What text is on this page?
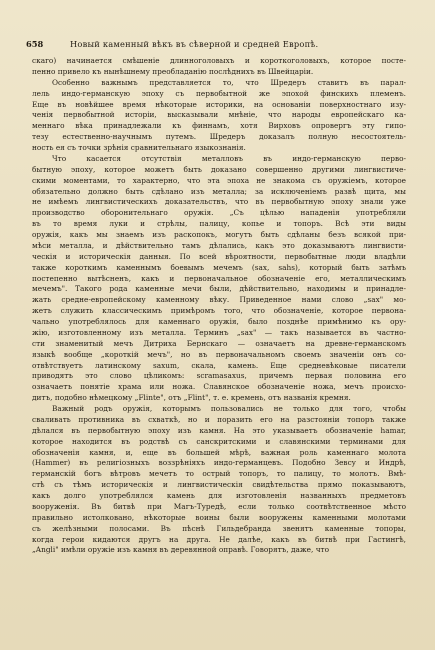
658	Новый каменный вѣкъ въ сѣверной и средней Европѣ.
скаго) начинается смѣшеніе длинноголовыхъ и короткоголовыхъ, которое посте-
пенно привело къ нынѣшнему преобладанію послѣднихъ въ Швейцаріи.
Особенно важнымъ представляется то, что Шредеръ ставитъ въ парал-
лель индо-германскую эпоху съ первобытной же эпохой финскихъ племенъ.
Еще въ новѣйшее время нѣкоторые историки, на основаніи поверхностнаго изу-
ченія первобытной исторіи, высказывали мнѣніе, что народы европейскаго ка-
меннаго вѣка принадлежали къ финнамъ, хотя Вирховъ опровергъ эту гипо-
тезу естественно-научнымъ путемъ. Шредеръ доказалъ полную несостоятель-
ность ея съ точки зрѣнія сравнительнаго языкознанія.
Что касается отсутствія металловъ въ индо-германскую перво-
бытную эпоху, которое можетъ быть доказано совершенно другими лингвистиче-
скими моментами, то характерно, что эта эпоха не знакома съ оружіемъ, которое
обязательно должно быть сдѣлано изъ металла; за исключеніемъ развѣ щита, мы
не имѣемъ лингвистическихъ доказательствъ, что въ первобытную эпоху знали уже
производство оборонительнаго оружія. „Съ цѣлью нападенія употребляли
въ то время луки и стрѣлы, палицу, копье и топоръ. Всѣ эти виды
оружія, какъ мы знаемъ изъ раскопокъ, могутъ быть сдѣланы безъ всякой при-
мѣси металла, и дѣйствительно тамъ дѣлались, какъ это доказываютъ лингвисти-
ческія и историческія данныя. По всей вѣроятности, первобытные люди владѣли
также короткимъ каменнымъ боевымъ мечемъ (sax, sahs), который быть затѣмъ
постепенно вытѣсненъ, какъ и первоначальное обозначеніе его, металлическимъ
мечемъ". Такого рода каменные мечи были, дѣйствительно, находимы и принадле-
жать средне-европейскому каменному вѣку. Приведенное нами слово „sax" мо-
жетъ служить классическимъ примѣромъ того, что обозначеніе, которое первона-
чально употреблялось для каменнаго оружія, было позднѣе примѣнимо къ ору-
жію, изготовленному изъ металла. Терминъ „sax" — такъ называется въ частно-
сти знаменитый мечъ Дитриха Бернскаго — означаетъ на древне-германскомъ
языкѣ вообще „короткій мечъ", но въ первоначальномъ своемъ значеніи онъ со-
отвѣтствуетъ латинскому saxum, скала, камень. Еще средневѣковые писатели
приводятъ это слово цѣликомъ: scramasaxus, причемъ первая половина его
означаетъ понятіе храма или ножа. Славянское обозначеніе ножа, мечъ происхо-
дитъ, подобно нѣмецкому „Flinte", отъ „Flint", т. е. кремень, отъ названія кремня.
Важный родъ оружія, которымъ пользовались не только для того, чтобы
сваливать противника въ схваткѣ, но и поразить его на разстояніи топоръ также
дѣлался въ первобытную эпоху изъ камня. На это указываетъ обозначеніе hamar,
которое находится въ родствѣ съ санскритскими и славянскими терминами для
обозначенія камня, и, еще въ большей мѣрѣ, важная роль каменнаго молота
(Hammer) въ религіозныхъ воззрѣніяхъ индо-германцевъ. Подобно Зевсу и Индрѣ,
германскій богъ вѣтровъ мечетъ то острый топоръ, то палицу, то молотъ. Вмѣ-
стѣ съ тѣмъ историческія и лингвистическія свидѣтельства прямо показываютъ,
какъ долго употреблялся камень для изготовленія названныхъ предметовъ
вооруженія. Въ битвѣ при Магъ-Туредѣ, если только соотвѣтственное мѣсто
правильно истолковано, нѣкоторые воины были вооружены каменными молотами
съ желѣзными полосами. Въ пѣснѣ Гильдебранда звенятъ каменные топоры,
когда герои кидаются другъ на друга. Не далѣе, какъ въ битвѣ при Гастингѣ,
„Angli" имѣли оружіе изъ камня въ деревянной оправѣ. Говорятъ, даже, что
